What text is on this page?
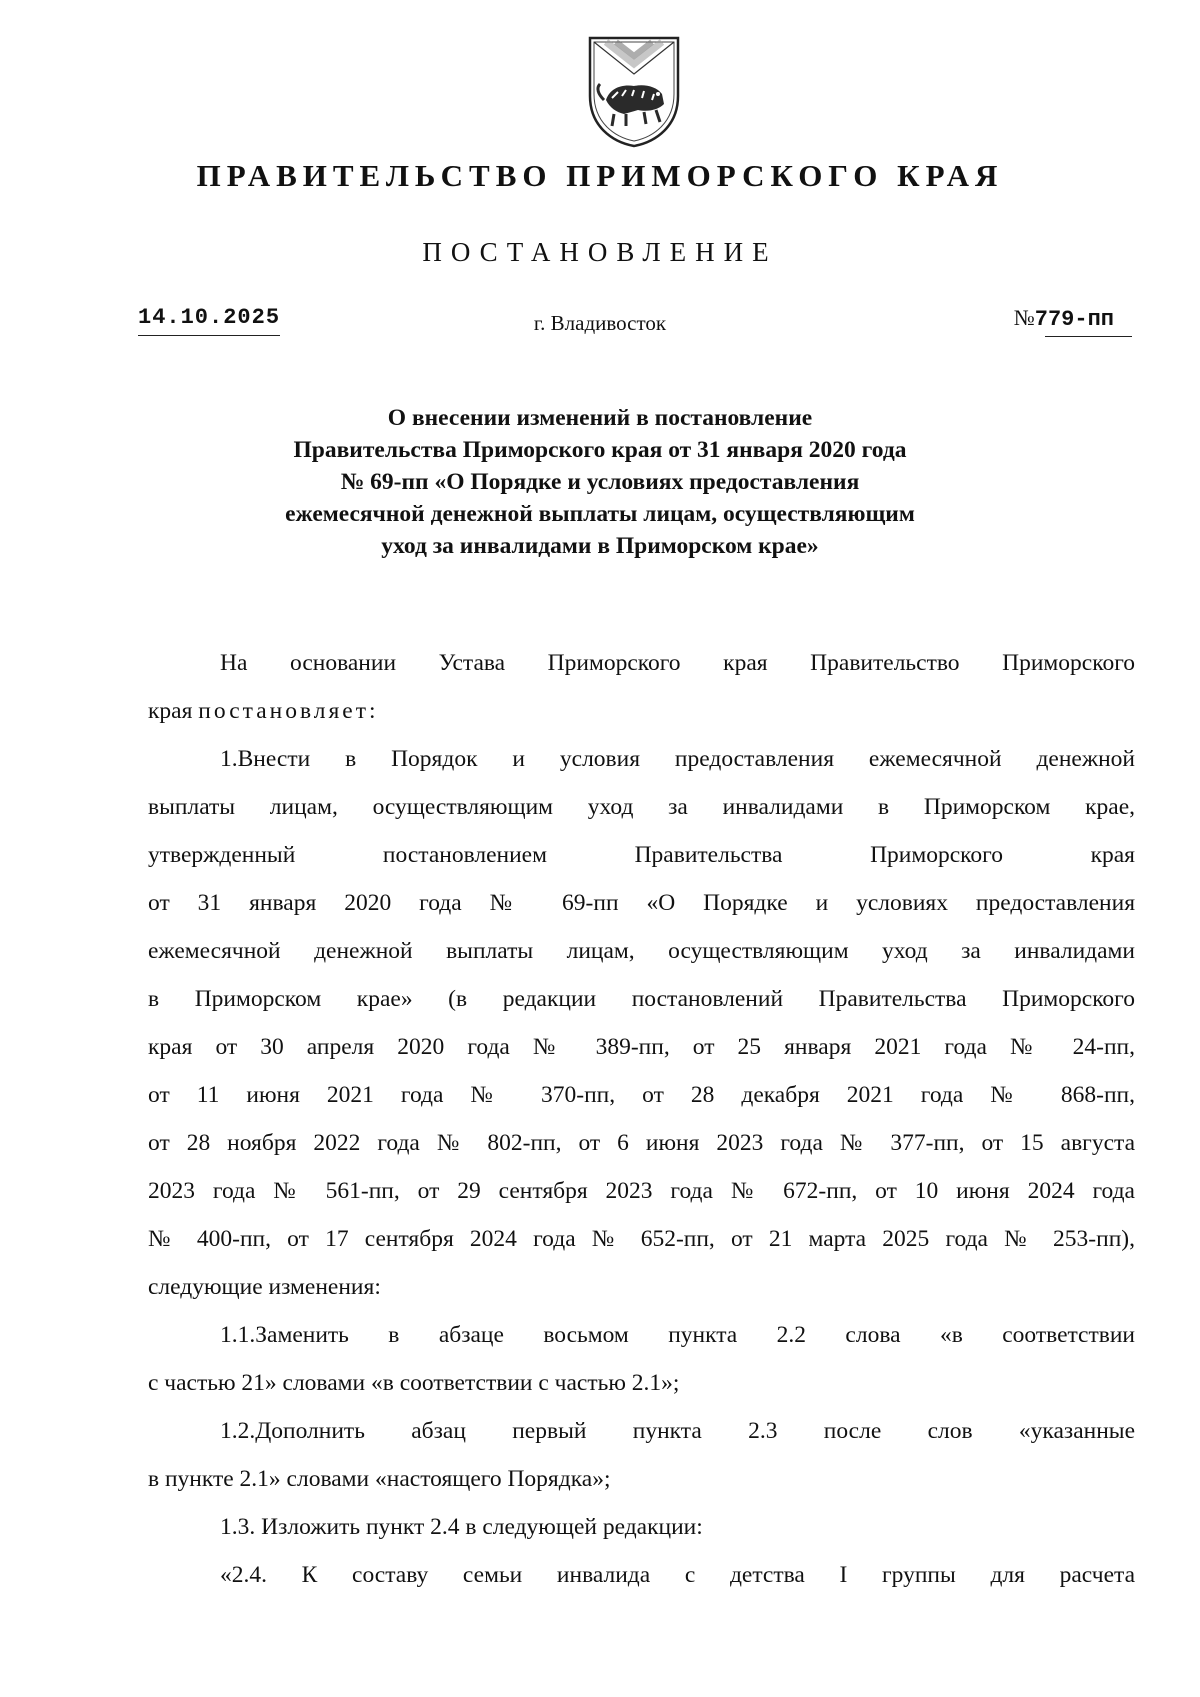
ПРАВИТЕЛЬСТВО ПРИМОРСКОГО КРАЯ
ПОСТАНОВЛЕНИЕ
14.10.2025	г. Владивосток	№779-пп
О внесении изменений в постановление
Правительства Приморского края от 31 января 2020 года
№ 69-пп «О Порядке и условиях предоставления
ежемесячной денежной выплаты лицам, осуществляющим
уход за инвалидами в Приморском крае»
На основании Устава Приморского края Правительство Приморского
края постановляет:
1.Внести в Порядок и условия предоставления ежемесячной денежной
выплаты лицам, осуществляющим уход за инвалидами в Приморском крае,
утвержденный постановлением Правительства Приморского края
от 31 января 2020 года № 69-пп «О Порядке и условиях предоставления
ежемесячной денежной выплаты лицам, осуществляющим уход за инвалидами
в Приморском крае» (в редакции постановлений Правительства Приморского
края от 30 апреля 2020 года № 389-пп, от 25 января 2021 года № 24-пп,
от 11 июня 2021 года № 370-пп, от 28 декабря 2021 года № 868-пп,
от 28 ноября 2022 года № 802-пп, от 6 июня 2023 года № 377-пп, от 15 августа
2023 года № 561-пп, от 29 сентября 2023 года № 672-пп, от 10 июня 2024 года
№ 400-пп, от 17 сентября 2024 года № 652-пп, от 21 марта 2025 года № 253-пп),
следующие изменения:
1.1.Заменить в абзаце восьмом пункта 2.2 слова «в соответствии
с частью 21» словами «в соответствии с частью 2.1»;
1.2.Дополнить абзац первый пункта 2.3 после слов «указанные
в пункте 2.1» словами «настоящего Порядка»;
1.3. Изложить пункт 2.4 в следующей редакции:
«2.4. К составу семьи инвалида с детства I группы для расчета
